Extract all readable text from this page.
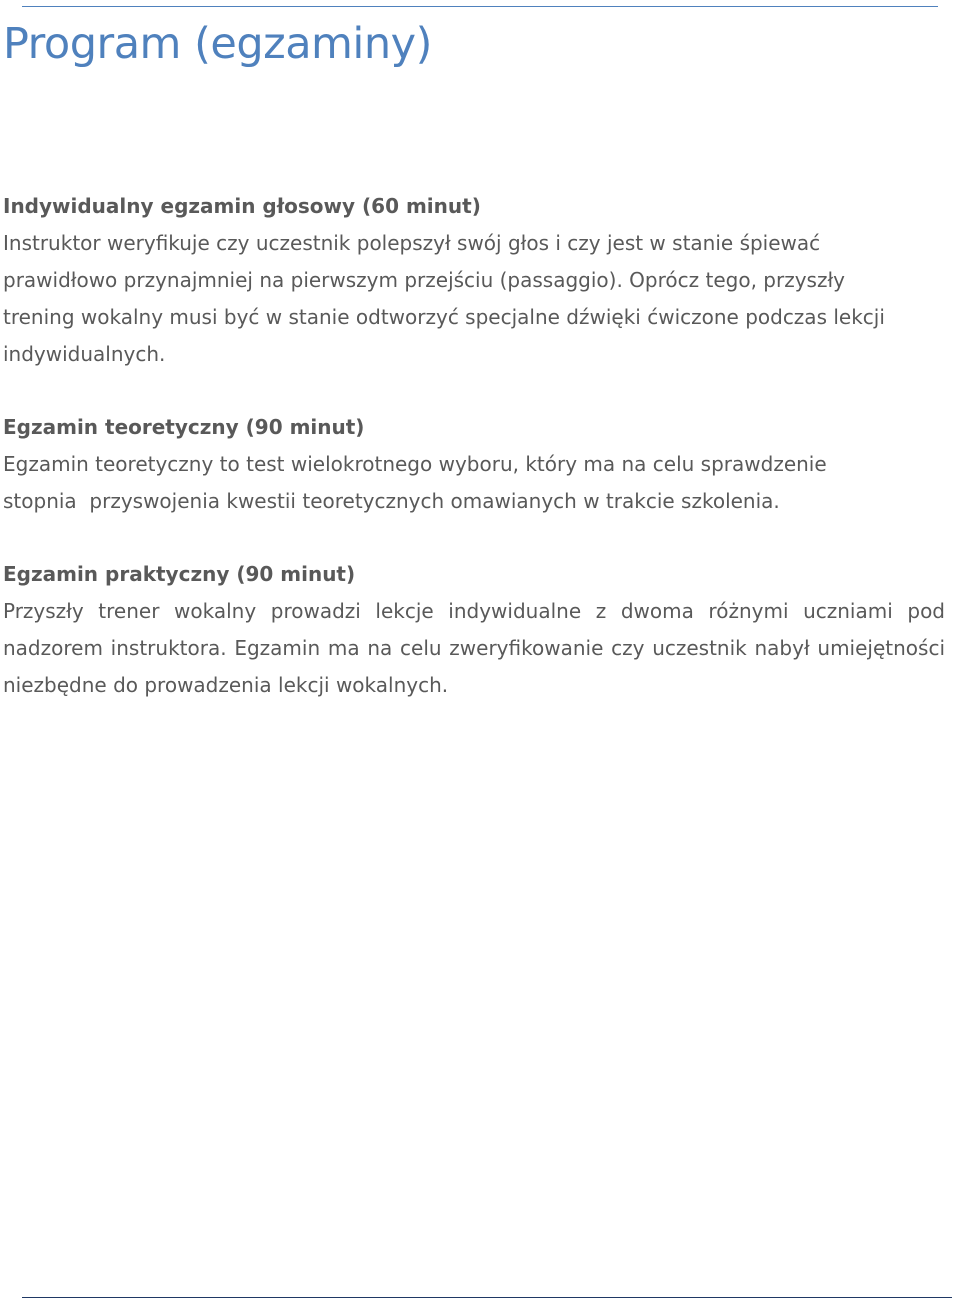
Program (egzaminy)
Indywidualny egzamin głosowy (60 minut)

Instruktor weryfikuje czy uczestnik polepszył swój głos i czy jest w stanie śpiewać
prawidłowo przynajmniej na pierwszym przejściu (passaggio). Oprócz tego, przyszły
trening wokalny musi być w stanie odtworzyć specjalne dźwięki ćwiczone podczas lekcji
indywidualnych.

Egzamin teoretyczny (90 minut)

Egzamin teoretyczny to test wielokrotnego wyboru, który ma na celu sprawdzenie
stopnia  przyswojenia kwestii teoretycznych omawianych w trakcie szkolenia.

Egzamin praktyczny (90 minut)

Przyszły trener wokalny prowadzi lekcje indywidualne z dwoma różnymi uczniami pod nadzorem instruktora. Egzamin ma na celu zweryfikowanie czy uczestnik nabył umiejętności niezbędne do prowadzenia lekcji wokalnych.
